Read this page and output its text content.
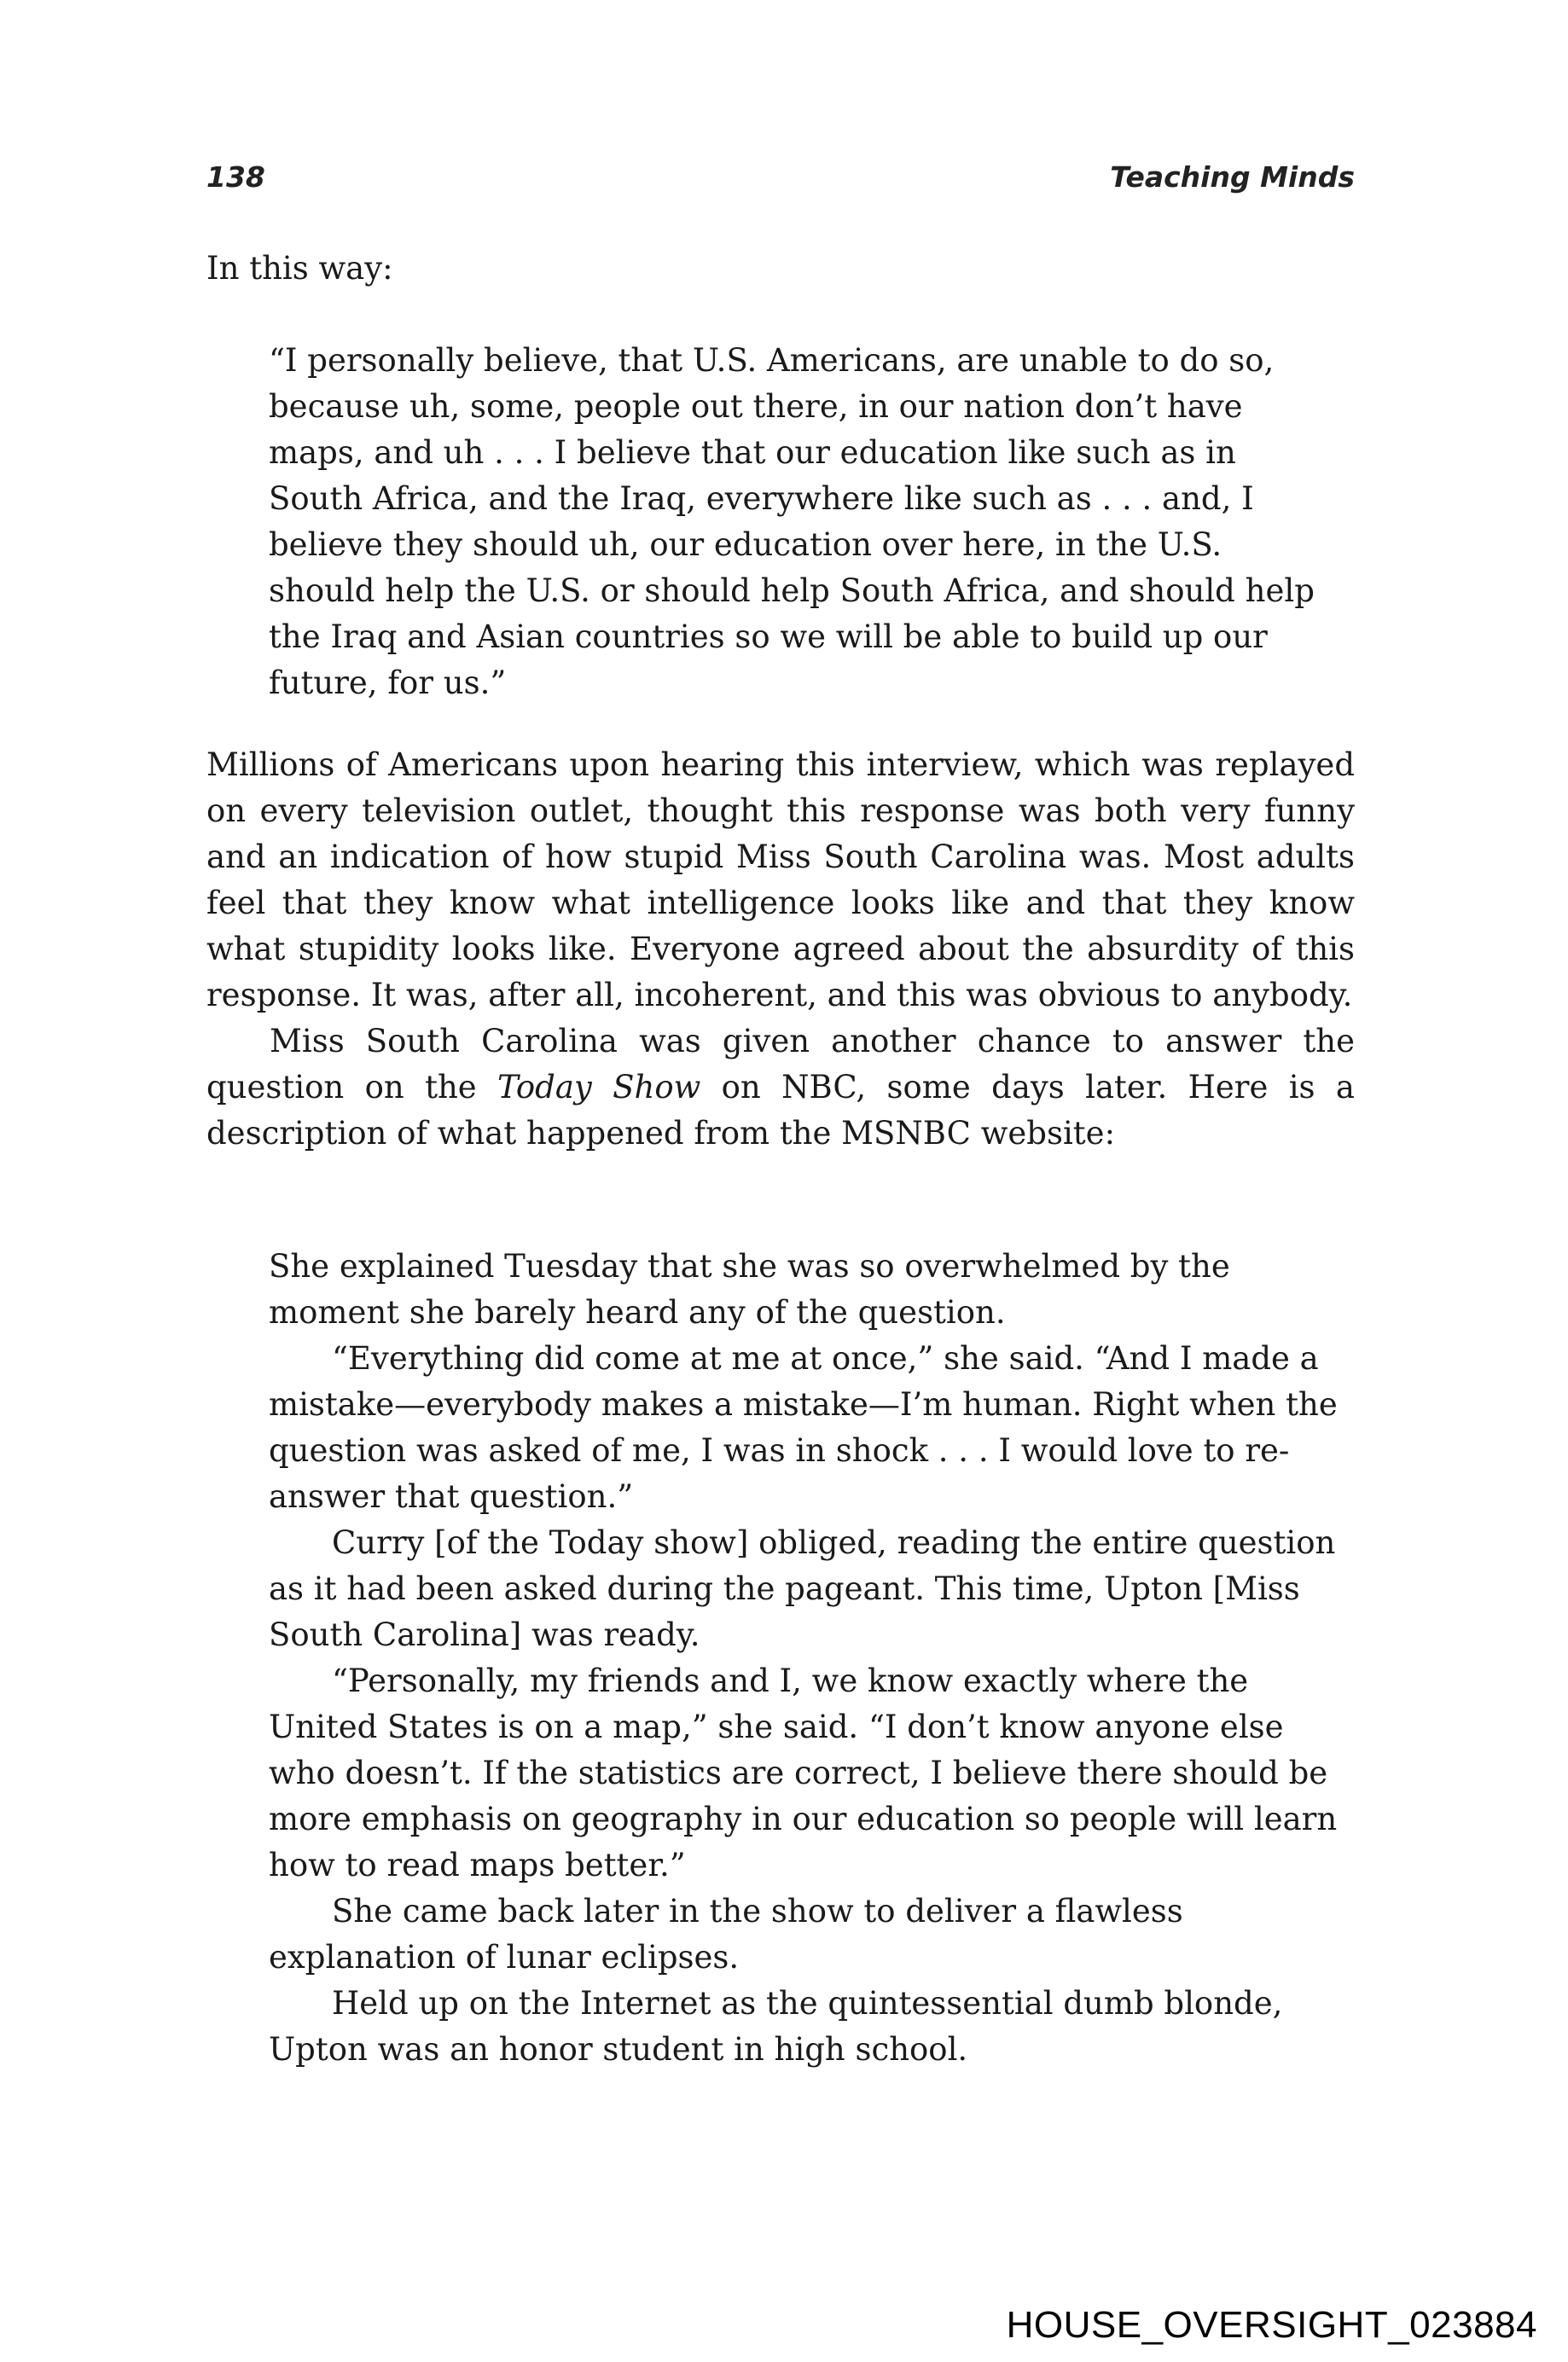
138	Teaching Minds

In this way:

“I personally believe, that U.S. Americans, are unable to do so, because uh, some, people out there, in our nation don’t have maps, and uh . . . I believe that our education like such as in South Africa, and the Iraq, everywhere like such as . . . and, I believe they should uh, our education over here, in the U.S. should help the U.S. or should help South Africa, and should help the Iraq and Asian countries so we will be able to build up our future, for us.”

Millions of Americans upon hearing this interview, which was replayed on every television outlet, thought this response was both very funny and an indication of how stupid Miss South Carolina was. Most adults feel that they know what intelligence looks like and that they know what stupidity looks like. Everyone agreed about the absurdity of this response. It was, after all, incoherent, and this was obvious to anybody.

Miss South Carolina was given another chance to answer the question on the Today Show on NBC, some days later. Here is a description of what happened from the MSNBC website:

She explained Tuesday that she was so overwhelmed by the moment she barely heard any of the question.

“Everything did come at me at once,” she said. “And I made a mistake—everybody makes a mistake—I’m human. Right when the question was asked of me, I was in shock . . . I would love to re-answer that question.”

Curry [of the Today show] obliged, reading the entire question as it had been asked during the pageant. This time, Upton [Miss South Carolina] was ready.

“Personally, my friends and I, we know exactly where the United States is on a map,” she said. “I don’t know anyone else who doesn’t. If the statistics are correct, I believe there should be more emphasis on geography in our education so people will learn how to read maps better.”

She came back later in the show to deliver a flawless explanation of lunar eclipses.

Held up on the Internet as the quintessential dumb blonde, Upton was an honor student in high school.

HOUSE_OVERSIGHT_023884
